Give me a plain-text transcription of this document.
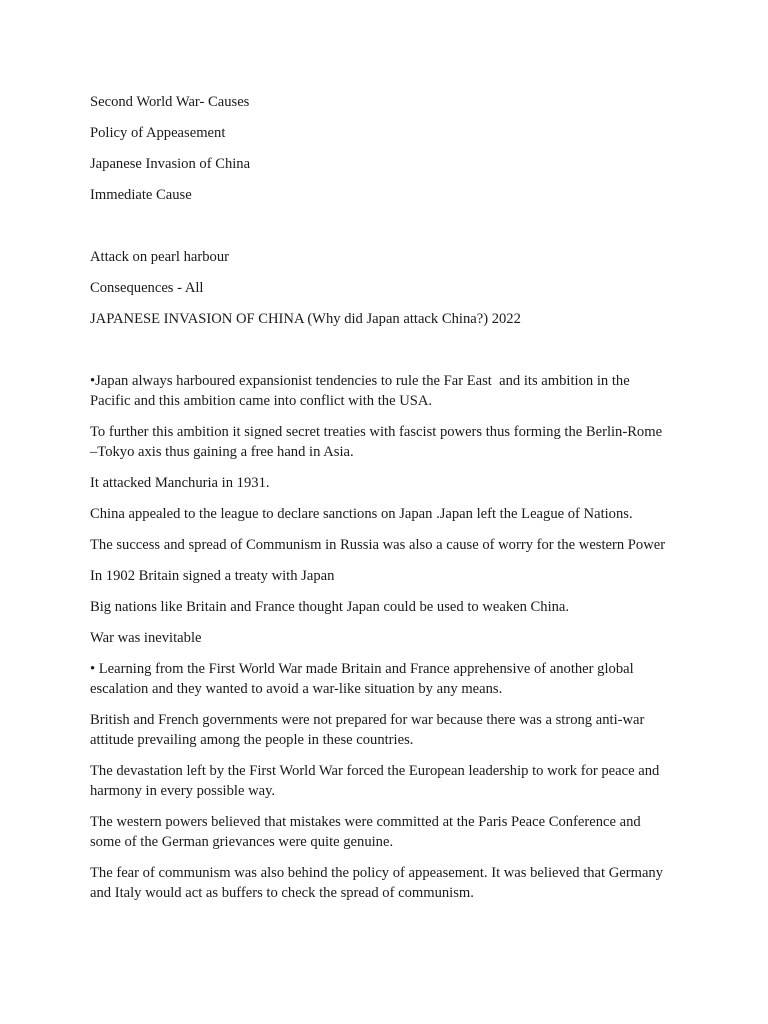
Second World War- Causes

Policy of Appeasement

Japanese Invasion of China

Immediate Cause

Attack on pearl harbour

Consequences - All

JAPANESE INVASION OF CHINA (Why did Japan attack China?) 2022

•Japan always harboured expansionist tendencies to rule the Far East  and its ambition in the Pacific and this ambition came into conflict with the USA.

To further this ambition it signed secret treaties with fascist powers thus forming the Berlin-Rome –Tokyo axis thus gaining a free hand in Asia.

It attacked Manchuria in 1931.

China appealed to the league to declare sanctions on Japan .Japan left the League of Nations.

The success and spread of Communism in Russia was also a cause of worry for the western Power

In 1902 Britain signed a treaty with Japan

Big nations like Britain and France thought Japan could be used to weaken China.

War was inevitable

• Learning from the First World War made Britain and France apprehensive of another global escalation and they wanted to avoid a war-like situation by any means.

British and French governments were not prepared for war because there was a strong anti-war attitude prevailing among the people in these countries.

The devastation left by the First World War forced the European leadership to work for peace and harmony in every possible way.

The western powers believed that mistakes were committed at the Paris Peace Conference and some of the German grievances were quite genuine.

The fear of communism was also behind the policy of appeasement. It was believed that Germany and Italy would act as buffers to check the spread of communism.
